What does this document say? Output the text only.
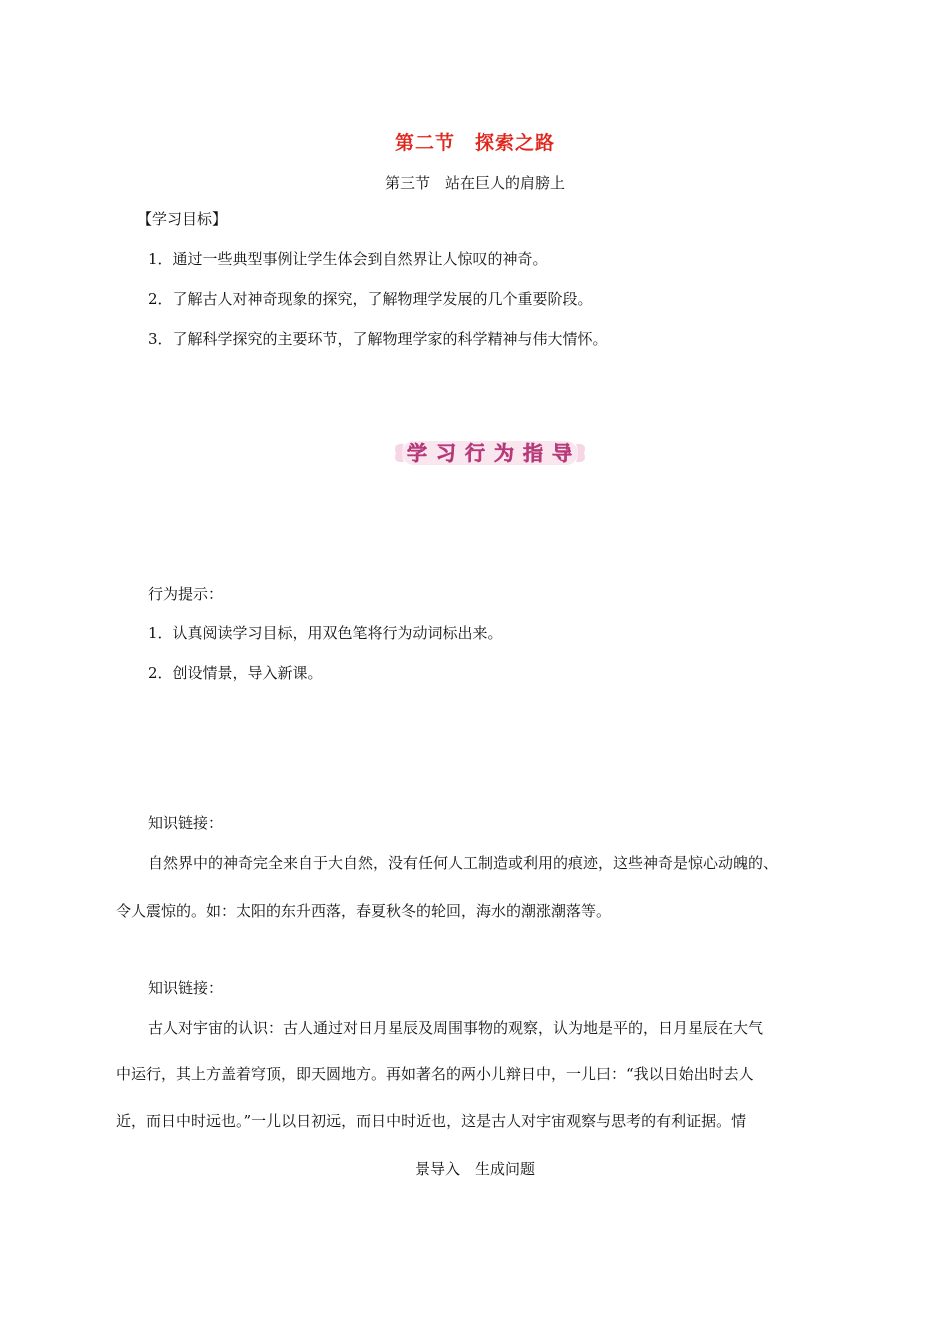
第二节　探索之路
第三节　站在巨人的肩膀上
【学习目标】
1．通过一些典型事例让学生体会到自然界让人惊叹的神奇。
2．了解古人对神奇现象的探究，了解物理学发展的几个重要阶段。
3．了解科学探究的主要环节，了解物理学家的科学精神与伟大情怀。
学 习 行 为 指 导
行为提示：
1．认真阅读学习目标，用双色笔将行为动词标出来。
2．创设情景，导入新课。
知识链接：
自然界中的神奇完全来自于大自然，没有任何人工制造或利用的痕迹，这些神奇是惊心动魄的、
令人震惊的。如：太阳的东升西落，春夏秋冬的轮回，海水的潮涨潮落等。
知识链接：
古人对宇宙的认识：古人通过对日月星辰及周围事物的观察，认为地是平的，日月星辰在大气
中运行，其上方盖着穹顶，即天圆地方。再如著名的两小儿辩日中，一儿曰：“我以日始出时去人
近，而日中时远也。”一儿以日初远，而日中时近也，这是古人对宇宙观察与思考的有利证据。情
景导入　生成问题
